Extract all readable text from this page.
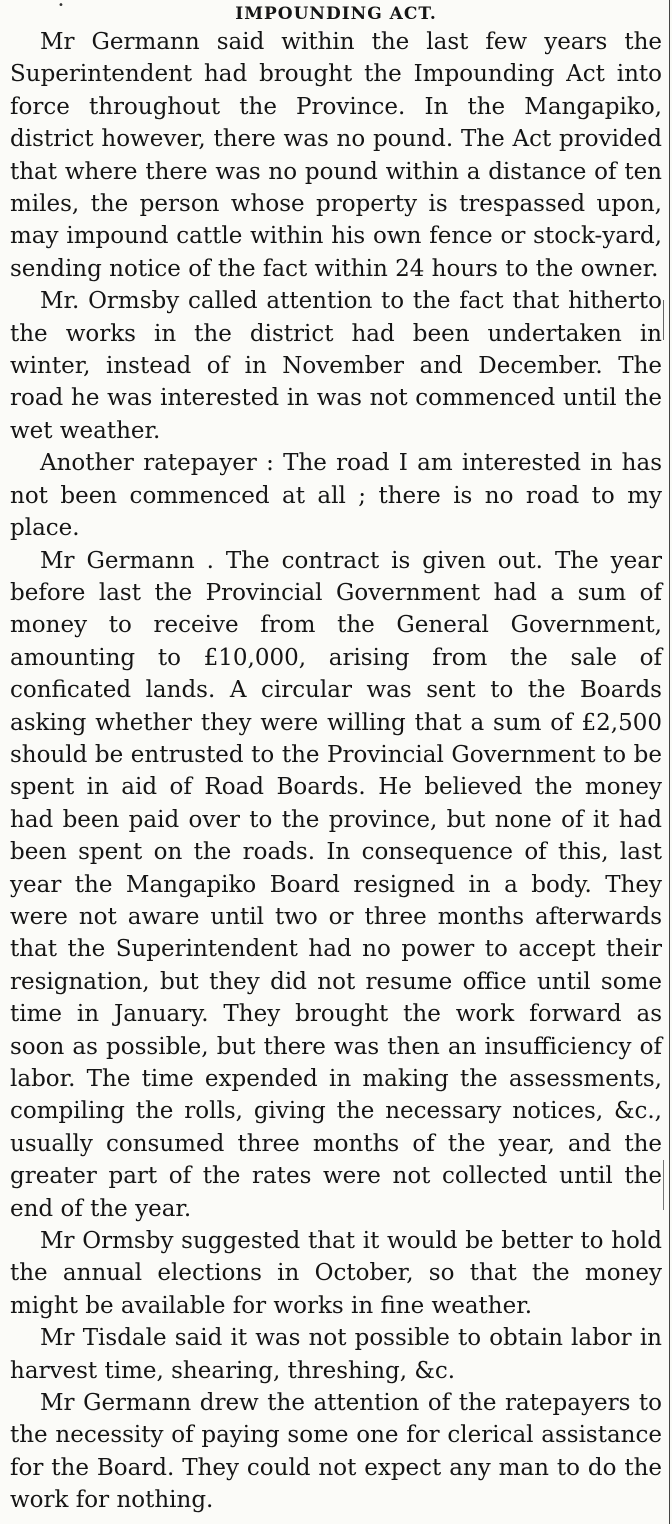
•	IMPOUNDING ACT.

Mr Germann said within the last few years the Superintendent had brought the Impounding Act into force throughout the Province. In the Mangapiko, district however, there was no pound. The Act provided that where there was no pound within a distance of ten miles, the person whose property is trespassed upon, may impound cattle within his own fence or stock-yard, sending notice of the fact within 24 hours to the owner.

Mr. Ormsby called attention to the fact that hitherto the works in the district had been undertaken in winter, instead of in November and December. The road he was interested in was not commenced until the wet weather.

Another ratepayer : The road I am interested in has not been commenced at all ; there is no road to my place.

Mr Germann . The contract is given out. The year before last the Provincial Government had a sum of money to receive from the General Government, amounting to £10,000, arising from the sale of conficated lands. A circular was sent to the Boards asking whether they were willing that a sum of £2,500 should be entrusted to the Provincial Government to be spent in aid of Road Boards. He believed the money had been paid over to the province, but none of it had been spent on the roads. In consequence of this, last year the Mangapiko Board resigned in a body. They were not aware until two or three months afterwards that the Superintendent had no power to accept their resignation, but they did not resume office until some time in January. They brought the work forward as soon as possible, but there was then an insufficiency of labor. The time expended in making the assessments, compiling the rolls, giving the necessary notices, &c., usually consumed three months of the year, and the greater part of the rates were not collected until the end of the year.

Mr Ormsby suggested that it would be better to hold the annual elections in October, so that the money might be available for works in fine weather.

Mr Tisdale said it was not possible to obtain labor in harvest time, shearing, threshing, &c.

Mr Germann drew the attention of the ratepayers to the necessity of paying some one for clerical assistance for the Board. They could not expect any man to do the work for nothing.
